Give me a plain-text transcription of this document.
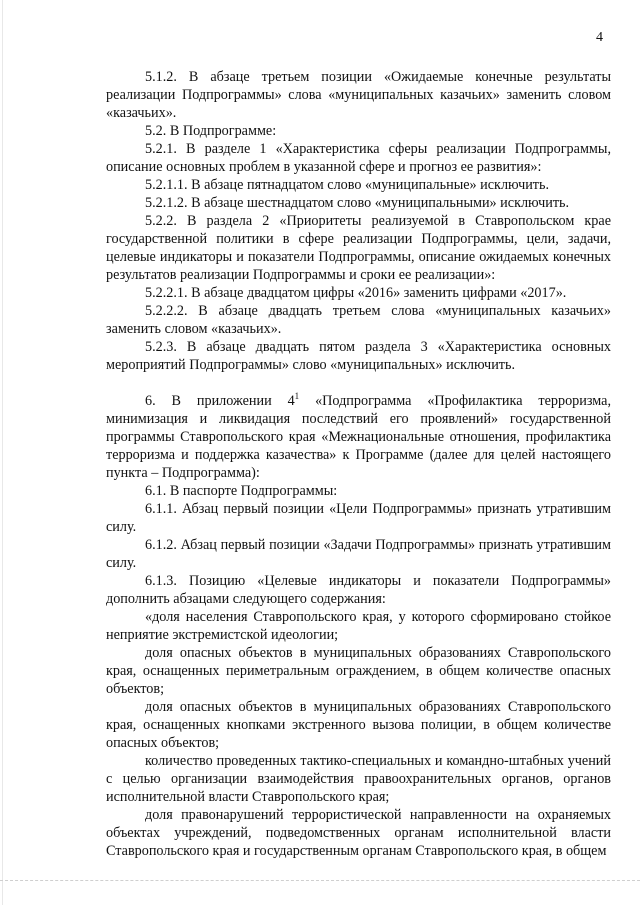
4

5.1.2. В абзаце третьем позиции «Ожидаемые конечные результаты реализации Подпрограммы» слова «муниципальных казачьих» заменить словом «казачьих».

5.2. В Подпрограмме:

5.2.1. В разделе 1 «Характеристика сферы реализации Подпрограммы, описание основных проблем в указанной сфере и прогноз ее развития»:

5.2.1.1. В абзаце пятнадцатом слово «муниципальные» исключить.

5.2.1.2. В абзаце шестнадцатом слово «муниципальными» исключить.

5.2.2. В раздела 2 «Приоритеты реализуемой в Ставропольском крае государственной политики в сфере реализации Подпрограммы, цели, задачи, целевые индикаторы и показатели Подпрограммы, описание ожидаемых конечных результатов реализации Подпрограммы и сроки ее реализации»:

5.2.2.1. В абзаце двадцатом цифры «2016» заменить цифрами «2017».

5.2.2.2. В абзаце двадцать третьем слова «муниципальных казачьих» заменить словом «казачьих».

5.2.3. В абзаце двадцать пятом раздела 3 «Характеристика основных мероприятий Подпрограммы» слово «муниципальных» исключить.

6. В приложении $4^1$ «Подпрограмма «Профилактика терроризма, минимизация и ликвидация последствий его проявлений» государственной программы Ставропольского края «Межнациональные отношения, профилактика терроризма и поддержка казачества» к Программе (далее для целей настоящего пункта – Подпрограмма):

6.1. В паспорте Подпрограммы:

6.1.1. Абзац первый позиции «Цели Подпрограммы» признать утратившим силу.

6.1.2. Абзац первый позиции «Задачи Подпрограммы» признать утратившим силу.

6.1.3. Позицию «Целевые индикаторы и показатели Подпрограммы» дополнить абзацами следующего содержания:

«доля населения Ставропольского края, у которого сформировано стойкое неприятие экстремистской идеологии;

доля опасных объектов в муниципальных образованиях Ставропольского края, оснащенных периметральным ограждением, в общем количестве опасных объектов;

доля опасных объектов в муниципальных образованиях Ставропольского края, оснащенных кнопками экстренного вызова полиции, в общем количестве опасных объектов;

количество проведенных тактико-специальных и командно-штабных учений с целью организации взаимодействия правоохранительных органов, органов исполнительной власти Ставропольского края;

доля правонарушений террористической направленности на охраняемых объектах учреждений, подведомственных органам исполнительной власти Ставропольского края и государственным органам Ставропольского края, в общем
